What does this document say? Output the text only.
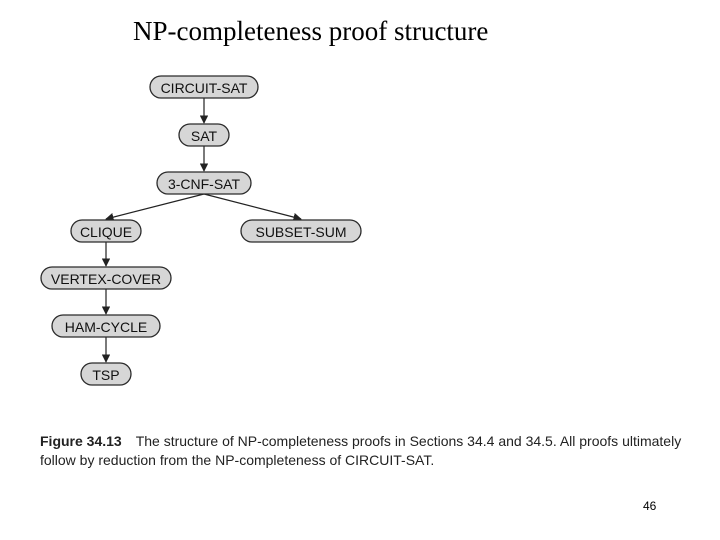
NP-completeness proof structure
CIRCUIT-SAT
SAT
3-CNF-SAT
CLIQUE	SUBSET-SUM
VERTEX-COVER
HAM-CYCLE
TSP
Figure 34.13 The structure of NP-completeness proofs in Sections 34.4 and 34.5. All proofs ultimately follow by reduction from the NP-completeness of CIRCUIT-SAT.
46
